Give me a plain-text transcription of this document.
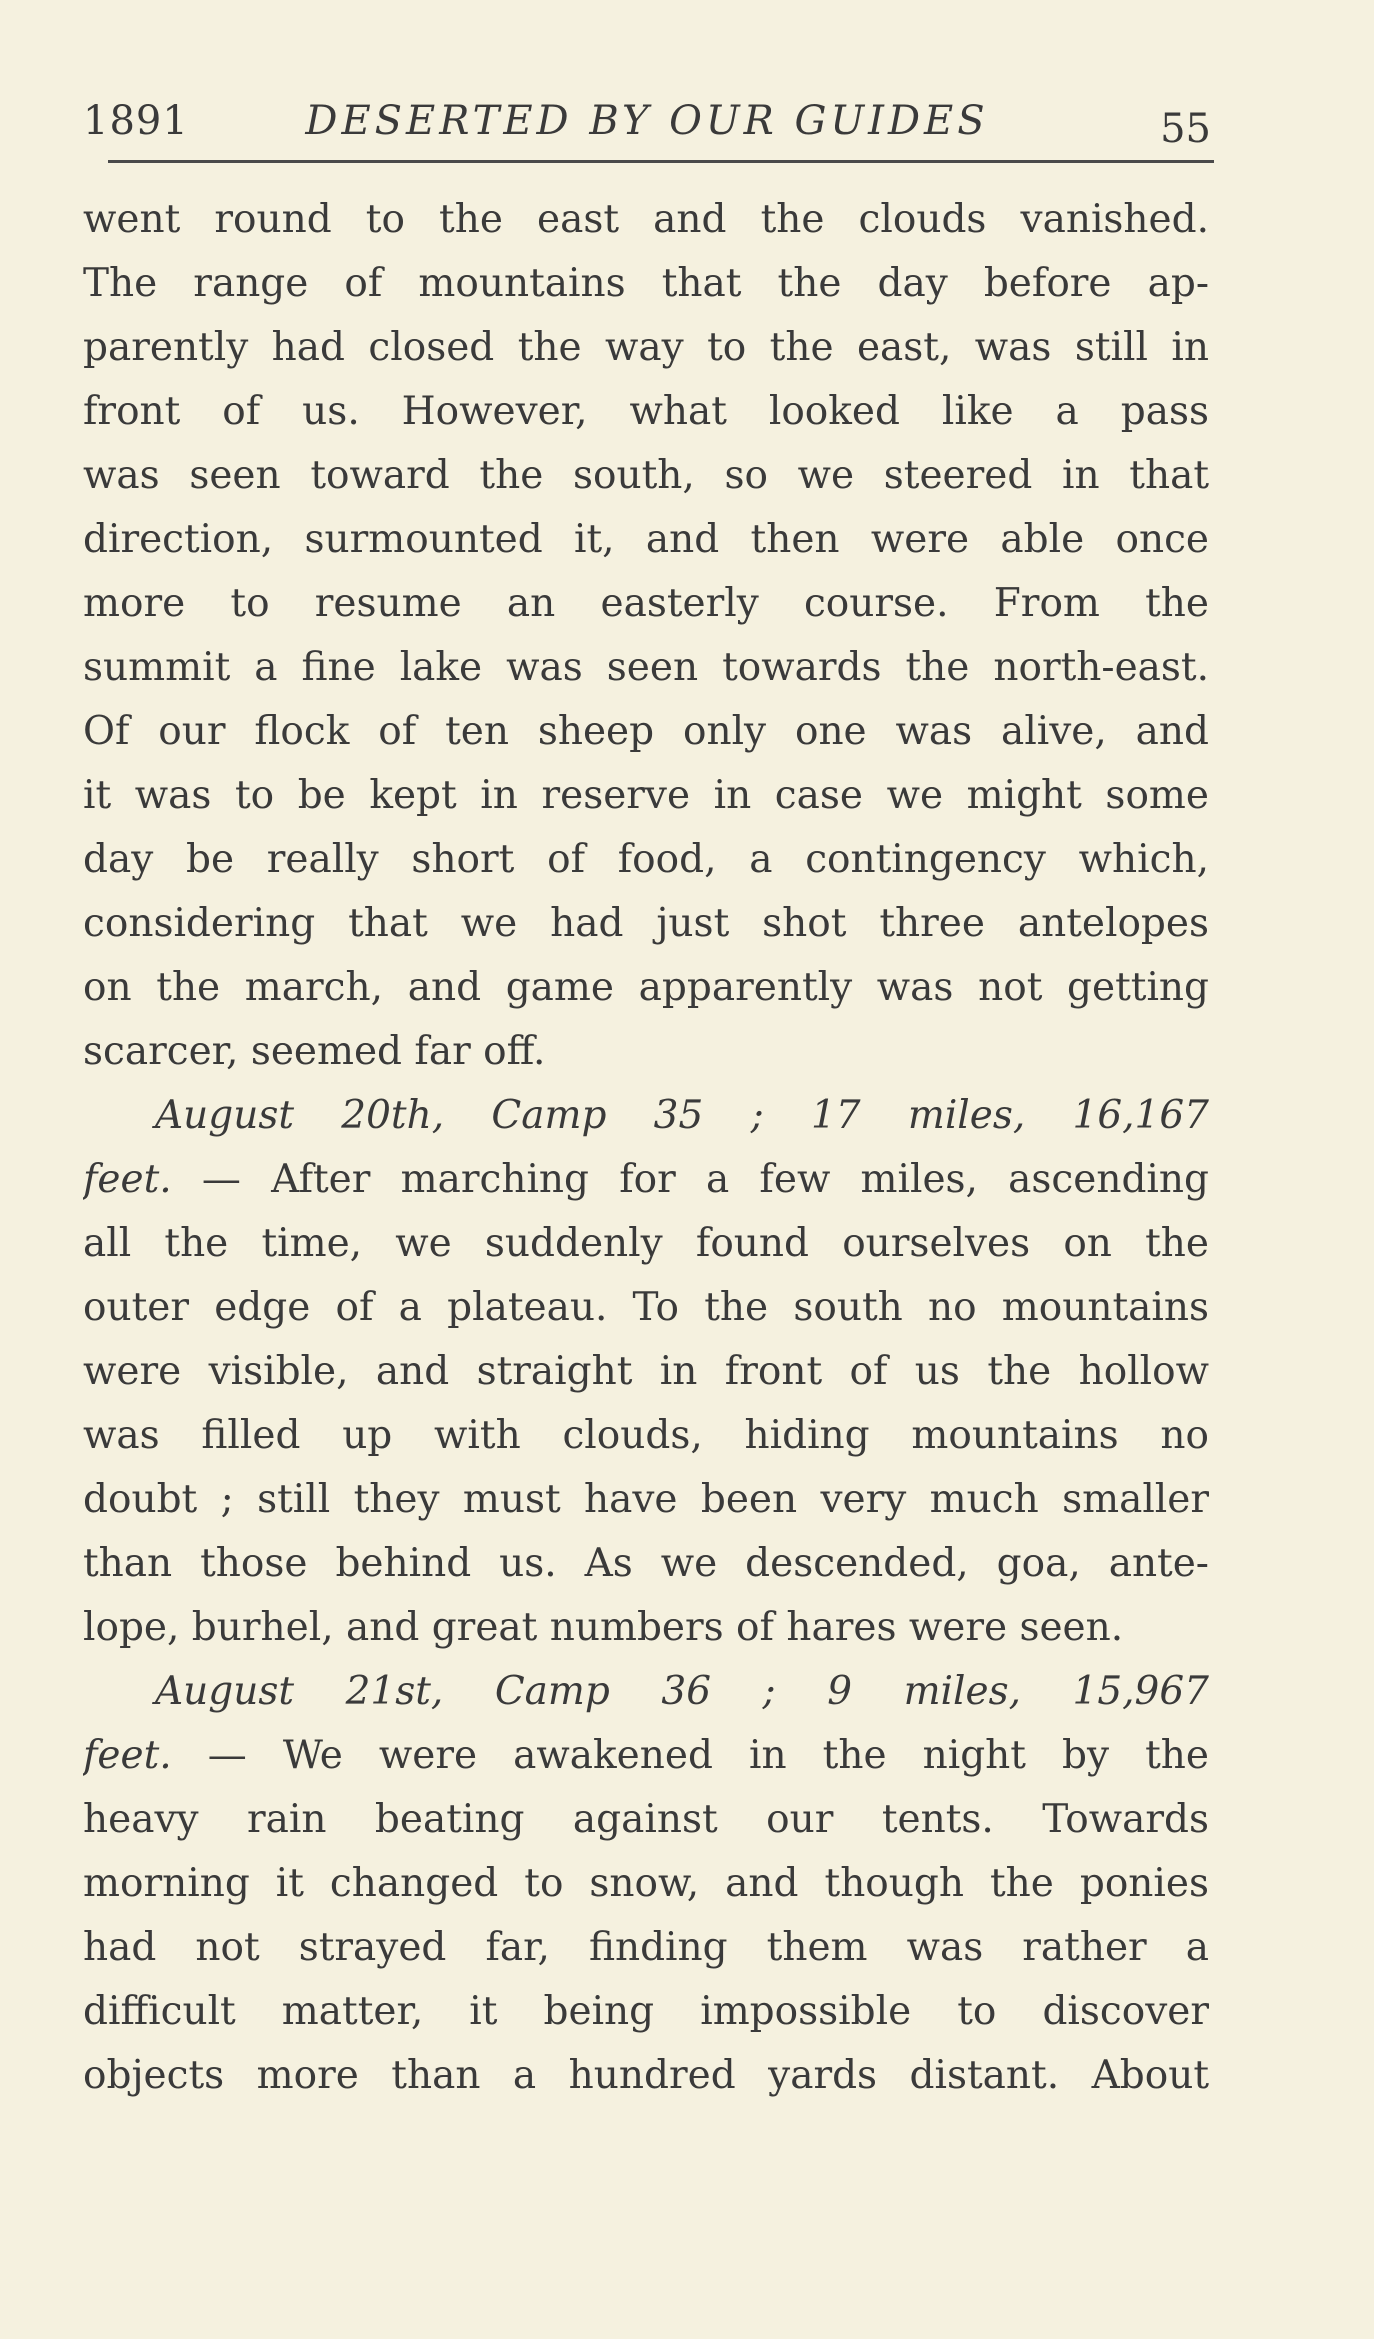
1891	DESERTED BY OUR GUIDES	55
went round to the east and the clouds vanished.
The range of mountains that the day before ap-
parently had closed the way to the east, was still in
front of us. However, what looked like a pass
was seen toward the south, so we steered in that
direction, surmounted it, and then were able once
more to resume an easterly course. From the
summit a fine lake was seen towards the north-east.
Of our flock of ten sheep only one was alive, and
it was to be kept in reserve in case we might some
day be really short of food, a contingency which,
considering that we had just shot three antelopes
on the march, and game apparently was not getting
scarcer, seemed far off.
August 20th, Camp 35 ; 17 miles, 16,167
feet. — After marching for a few miles, ascending
all the time, we suddenly found ourselves on the
outer edge of a plateau. To the south no mountains
were visible, and straight in front of us the hollow
was filled up with clouds, hiding mountains no
doubt ; still they must have been very much smaller
than those behind us. As we descended, goa, ante-
lope, burhel, and great numbers of hares were seen.
August 21st, Camp 36 ; 9 miles, 15,967
feet. — We were awakened in the night by the
heavy rain beating against our tents. Towards
morning it changed to snow, and though the ponies
had not strayed far, finding them was rather a
difficult matter, it being impossible to discover
objects more than a hundred yards distant. About
